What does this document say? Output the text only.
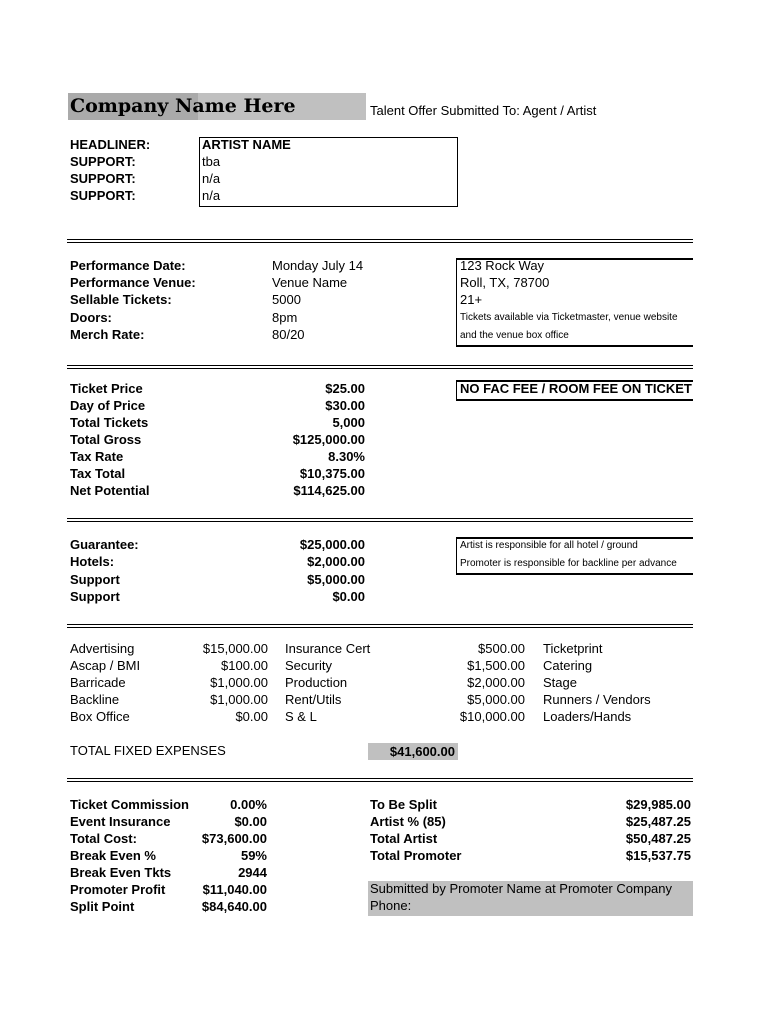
Company Name Here	Talent Offer Submitted To: Agent / Artist
HEADLINER:	ARTIST NAME
SUPPORT:	tba
SUPPORT:	n/a
SUPPORT:	n/a
Performance Date:	Monday July 14
Performance Venue:	Venue Name
Sellable Tickets:	5000
Doors:	8pm
Merch Rate:	80/20
123 Rock Way
Roll, TX, 78700
21+
Tickets available via Ticketmaster, venue website
and the venue box office
Ticket Price	$25.00
Day of Price	$30.00
Total Tickets	5,000
Total Gross	$125,000.00
Tax Rate	8.30%
Tax Total	$10,375.00
Net Potential	$114,625.00
NO FAC FEE / ROOM FEE ON TICKET
Guarantee:	$25,000.00
Hotels:	$2,000.00
Support	$5,000.00
Support	$0.00
Artist is responsible for all hotel / ground
Promoter is responsible for backline per advance
Advertising	$15,000.00 Insurance Cert	$500.00 Ticketprint
Ascap / BMI	$100.00 Security	$1,500.00 Catering
Barricade	$1,000.00 Production	$2,000.00 Stage
Backline	$1,000.00 Rent/Utils	$5,000.00 Runners / Vendors
Box Office	$0.00 S & L	$10,000.00 Loaders/Hands
TOTAL FIXED EXPENSES	$41,600.00
Ticket Commission	0.00%
Event Insurance	$0.00
Total Cost:	$73,600.00
Break Even %	59%
Break Even Tkts	2944
Promoter Profit	$11,040.00
Split Point	$84,640.00
To Be Split	$29,985.00
Artist % (85)	$25,487.25
Total Artist	$50,487.25
Total Promoter	$15,537.75
Submitted by Promoter Name at Promoter Company
Phone:
